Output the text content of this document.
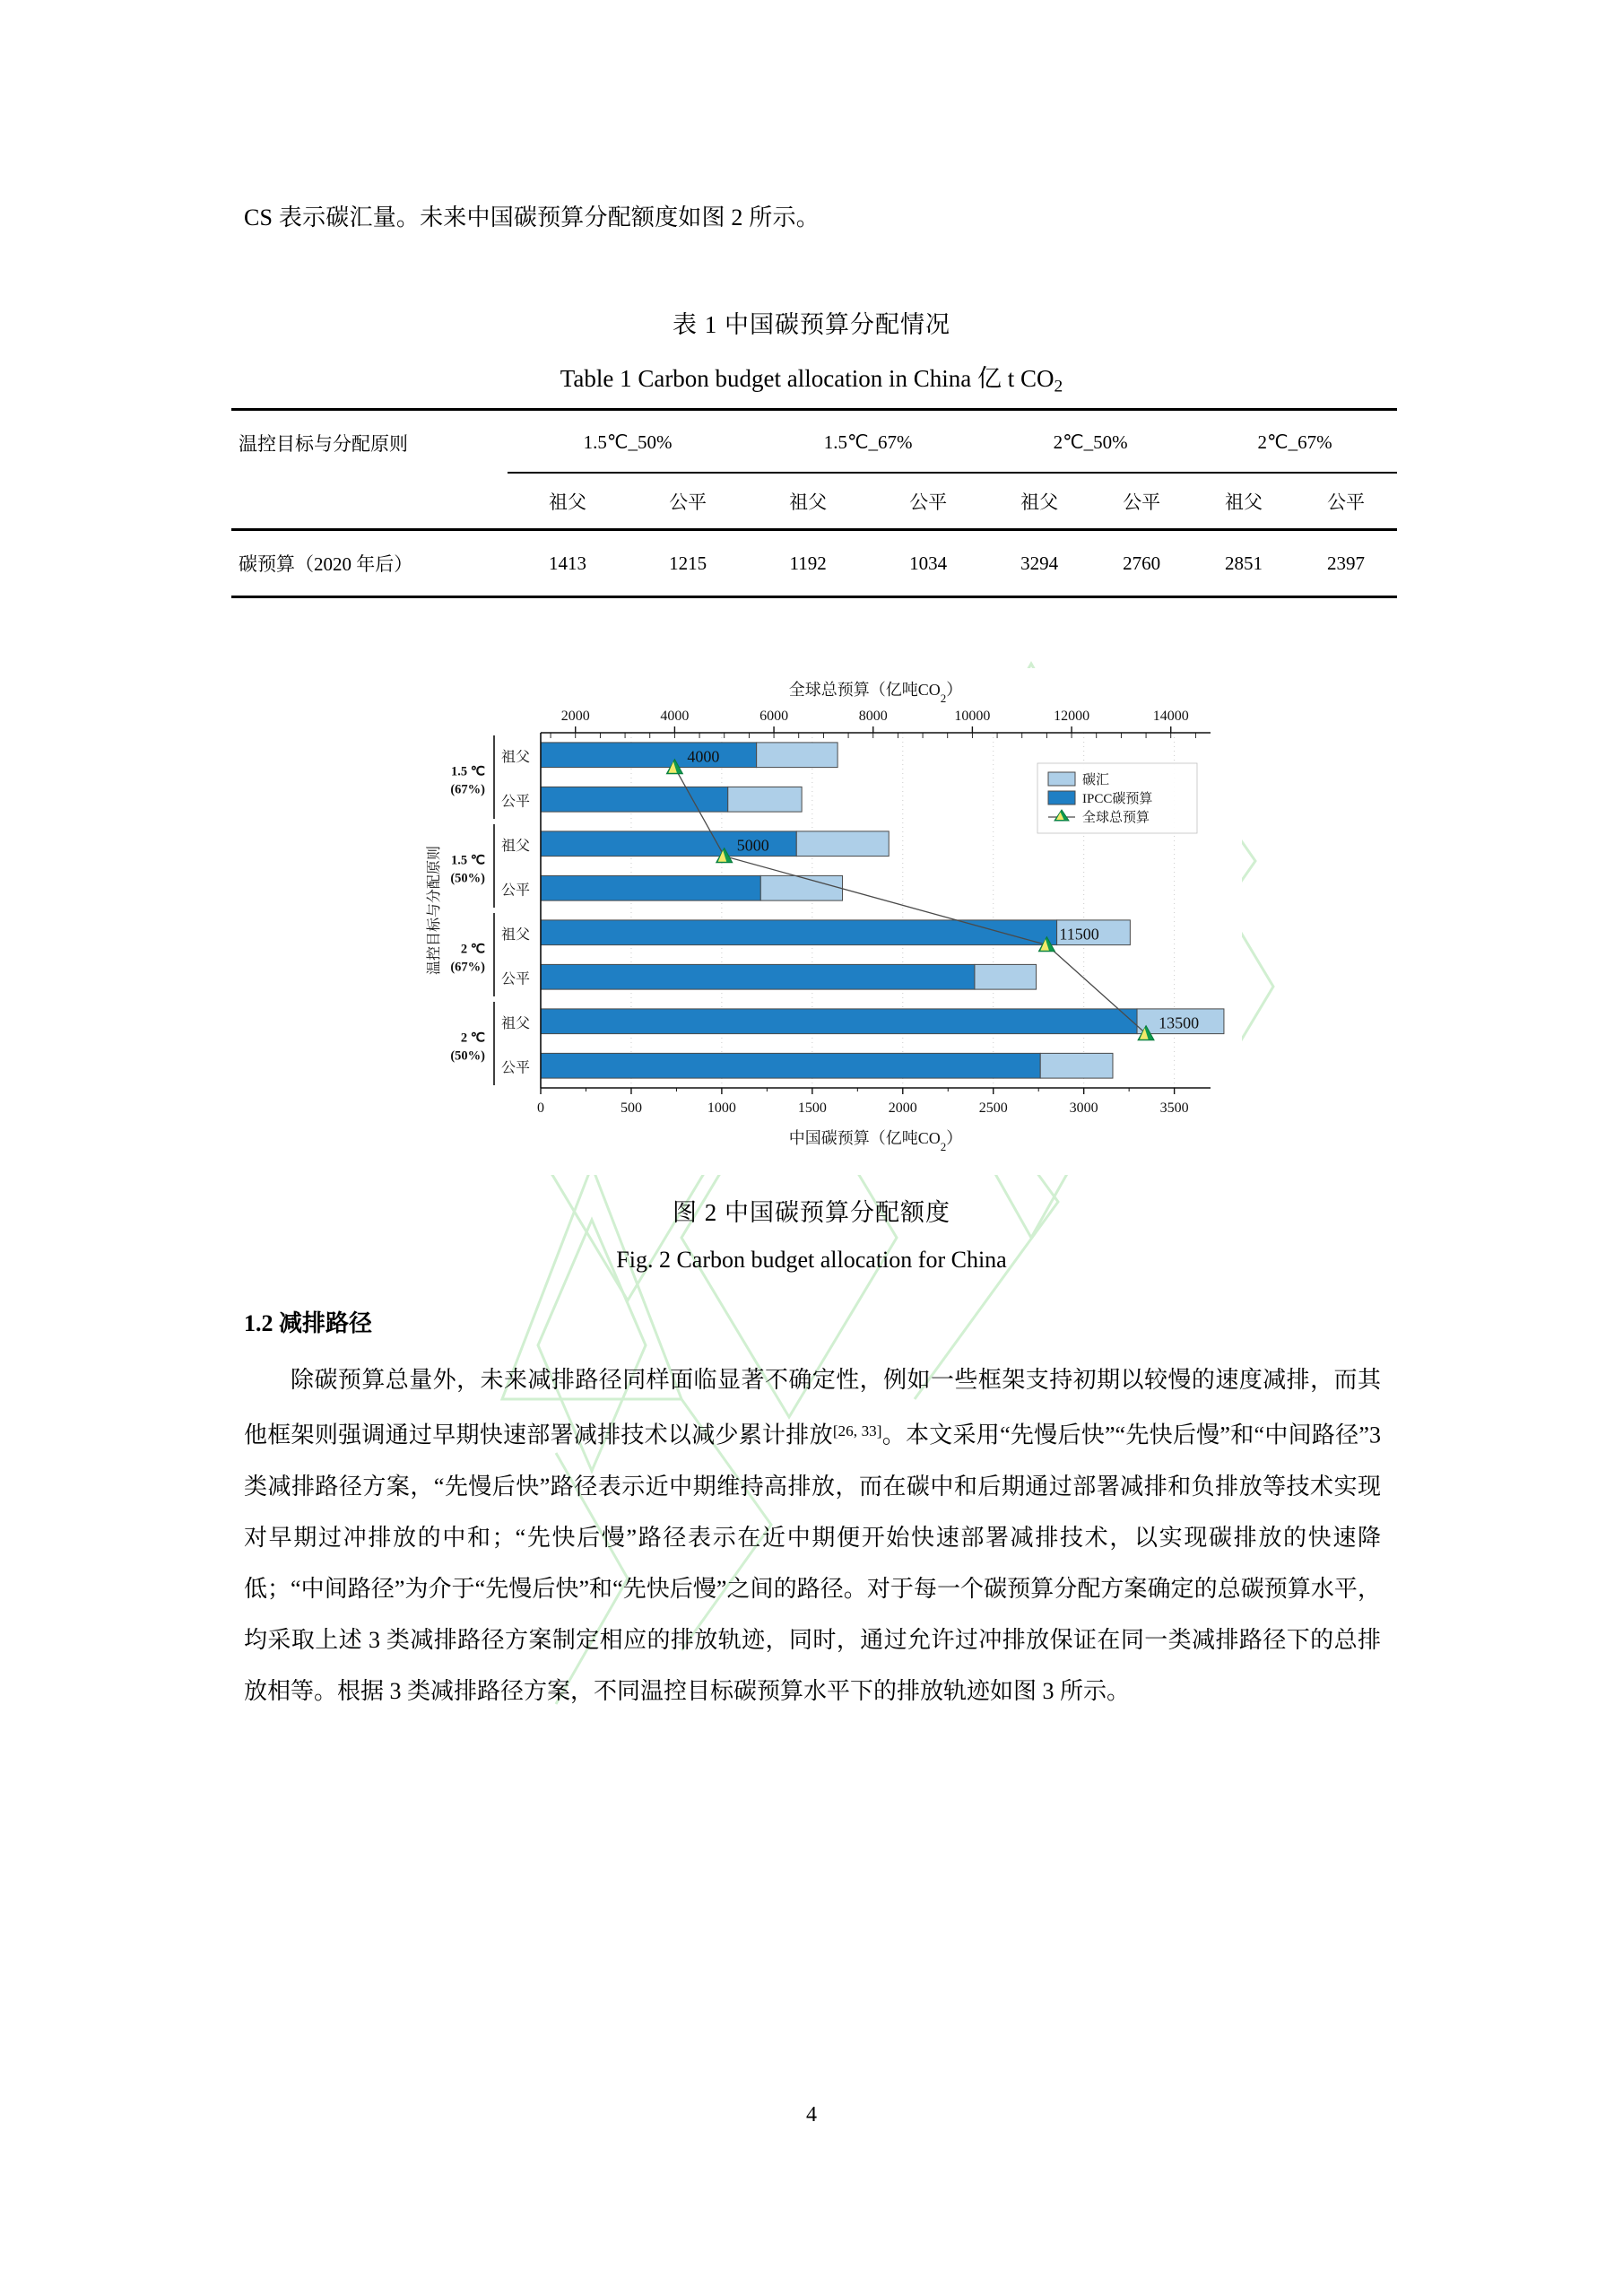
CS 表示碳汇量。未来中国碳预算分配额度如图 2 所示。
表 1 中国碳预算分配情况
Table 1 Carbon budget allocation in China 亿 t $CO_2$

温控目标与分配原则	1.5℃_50%		1.5℃_67%		2℃_50%		2℃_67%	

	祖父	公平	祖父	公平	祖父	公平	祖父	公平

碳预算（2020 年后）	1413	1215	1192	1034	3294	2760	2851	2397

祖父
公平
1.5 ℃
(67%)
祖父
公平
1.5 ℃
(50%)
祖父
公平
2 ℃
(67%)
祖父
公平
2 ℃
(50%)
4000
5000
11500
13500
0	500	1000	1500	2000	2500	3000	3500
2000	4000	6000	8000	10000	12000	14000
全球总预算（亿吨$CO_2$）
中国碳预算（亿吨$CO_2$）
温控目标与分配原则
碳汇
IPCC碳预算
全球总预算
图 2 中国碳预算分配额度
Fig. 2 Carbon budget allocation for China
1.2 减排路径
除碳预算总量外，未来减排路径同样面临显著不确定性，例如一些框架支持初期以较慢的速度减排，而其他框架则强调通过早期快速部署减排技术以减少累计排放[26, 33]。本文采用“先慢后快”“先快后慢”和“中间路径”3 类减排路径方案，“先慢后快”路径表示近中期维持高排放，而在碳中和后期通过部署减排和负排放等技术实现对早期过冲排放的中和；“先快后慢”路径表示在近中期便开始快速部署减排技术，以实现碳排放的快速降低；“中间路径”为介于“先慢后快”和“先快后慢”之间的路径。对于每一个碳预算分配方案确定的总碳预算水平，均采取上述 3 类减排路径方案制定相应的排放轨迹，同时，通过允许过冲排放保证在同一类减排路径下的总排放相等。根据 3 类减排路径方案，不同温控目标碳预算水平下的排放轨迹如图 3 所示。
4
